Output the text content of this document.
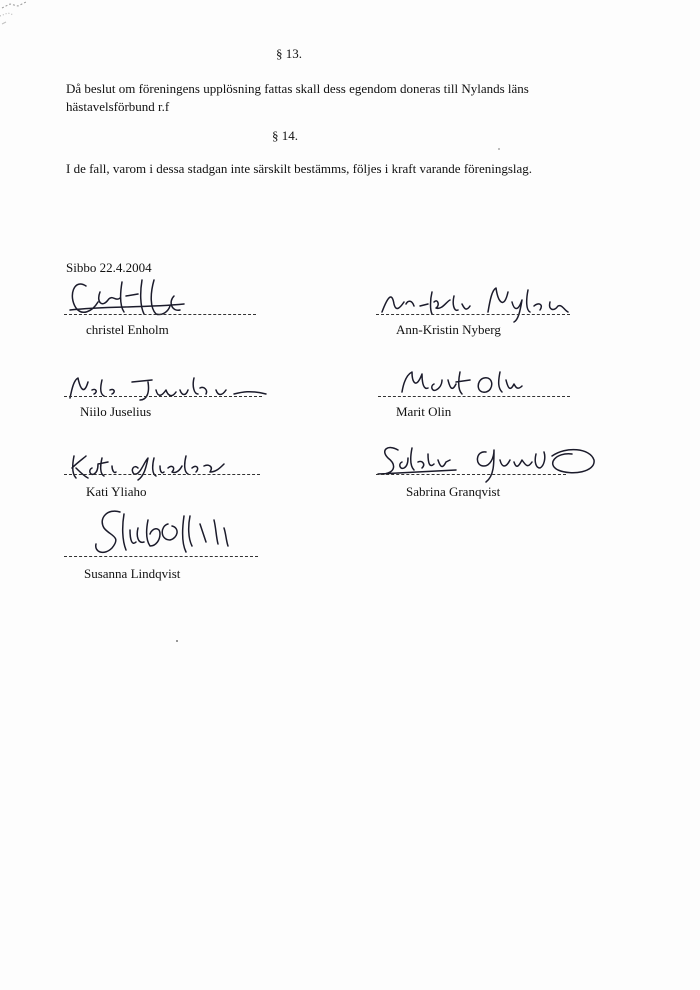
§ 13.
Då beslut om föreningens upplösning fattas skall dess egendom doneras till Nylands läns
hästavelsförbund r.f
§ 14.
I de fall, varom i dessa stadgan inte särskilt bestämms, följes i kraft varande föreningslag.
Sibbo 22.4.2004
christel Enholm	Ann-Kristin Nyberg
Niilo Juselius	Marit Olin
Kati Yliaho	Sabrina Granqvist
Susanna Lindqvist
